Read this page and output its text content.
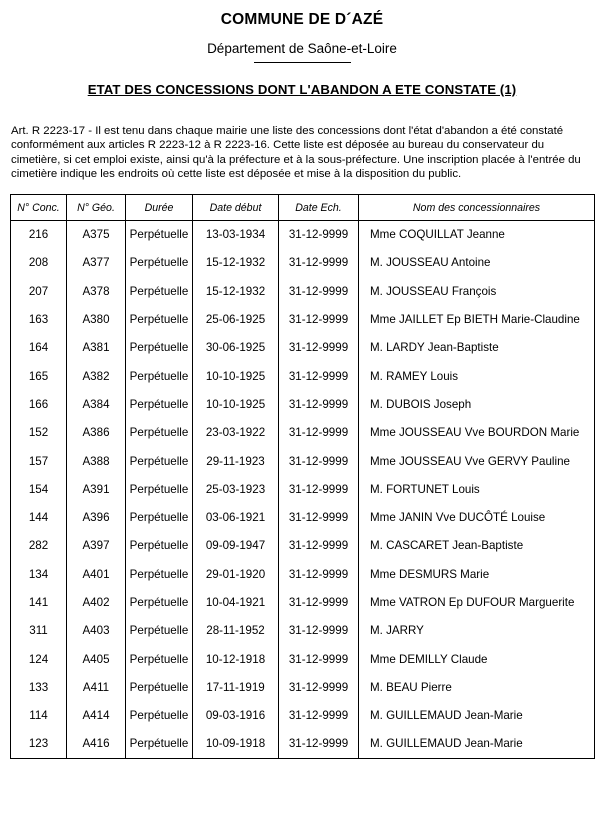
COMMUNE DE D´AZÉ
Département de Saône-et-Loire
ETAT DES CONCESSIONS DONT L'ABANDON A ETE CONSTATE (1)

Art. R 2223-17 - Il est tenu dans chaque mairie une liste des concessions dont l'état d'abandon a été constaté conformément aux articles R 2223-12 à R 2223-16. Cette liste est déposée au bureau du conservateur du cimetière, si cet emploi existe, ainsi qu'à la préfecture et à la sous-préfecture. Une inscription placée à l'entrée du cimetière indique les endroits où cette liste est déposée et mise à la disposition du public.

N° Conc.	N° Géo.	Durée	Date début	Date Ech.	Nom des concessionnaires
216	A375	Perpétuelle	13-03-1934	31-12-9999	Mme COQUILLAT Jeanne
208	A377	Perpétuelle	15-12-1932	31-12-9999	M. JOUSSEAU Antoine
207	A378	Perpétuelle	15-12-1932	31-12-9999	M. JOUSSEAU François
163	A380	Perpétuelle	25-06-1925	31-12-9999	Mme JAILLET Ep BIETH Marie-Claudine
164	A381	Perpétuelle	30-06-1925	31-12-9999	M. LARDY Jean-Baptiste
165	A382	Perpétuelle	10-10-1925	31-12-9999	M. RAMEY Louis
166	A384	Perpétuelle	10-10-1925	31-12-9999	M. DUBOIS Joseph
152	A386	Perpétuelle	23-03-1922	31-12-9999	Mme JOUSSEAU Vve BOURDON Marie
157	A388	Perpétuelle	29-11-1923	31-12-9999	Mme JOUSSEAU Vve GERVY Pauline
154	A391	Perpétuelle	25-03-1923	31-12-9999	M. FORTUNET Louis
144	A396	Perpétuelle	03-06-1921	31-12-9999	Mme JANIN Vve DUCÔTÉ Louise
282	A397	Perpétuelle	09-09-1947	31-12-9999	M. CASCARET Jean-Baptiste
134	A401	Perpétuelle	29-01-1920	31-12-9999	Mme DESMURS Marie
141	A402	Perpétuelle	10-04-1921	31-12-9999	Mme VATRON Ep DUFOUR Marguerite
311	A403	Perpétuelle	28-11-1952	31-12-9999	M. JARRY
124	A405	Perpétuelle	10-12-1918	31-12-9999	Mme DEMILLY Claude
133	A411	Perpétuelle	17-11-1919	31-12-9999	M. BEAU Pierre
114	A414	Perpétuelle	09-03-1916	31-12-9999	M. GUILLEMAUD Jean-Marie
123	A416	Perpétuelle	10-09-1918	31-12-9999	M. GUILLEMAUD Jean-Marie
